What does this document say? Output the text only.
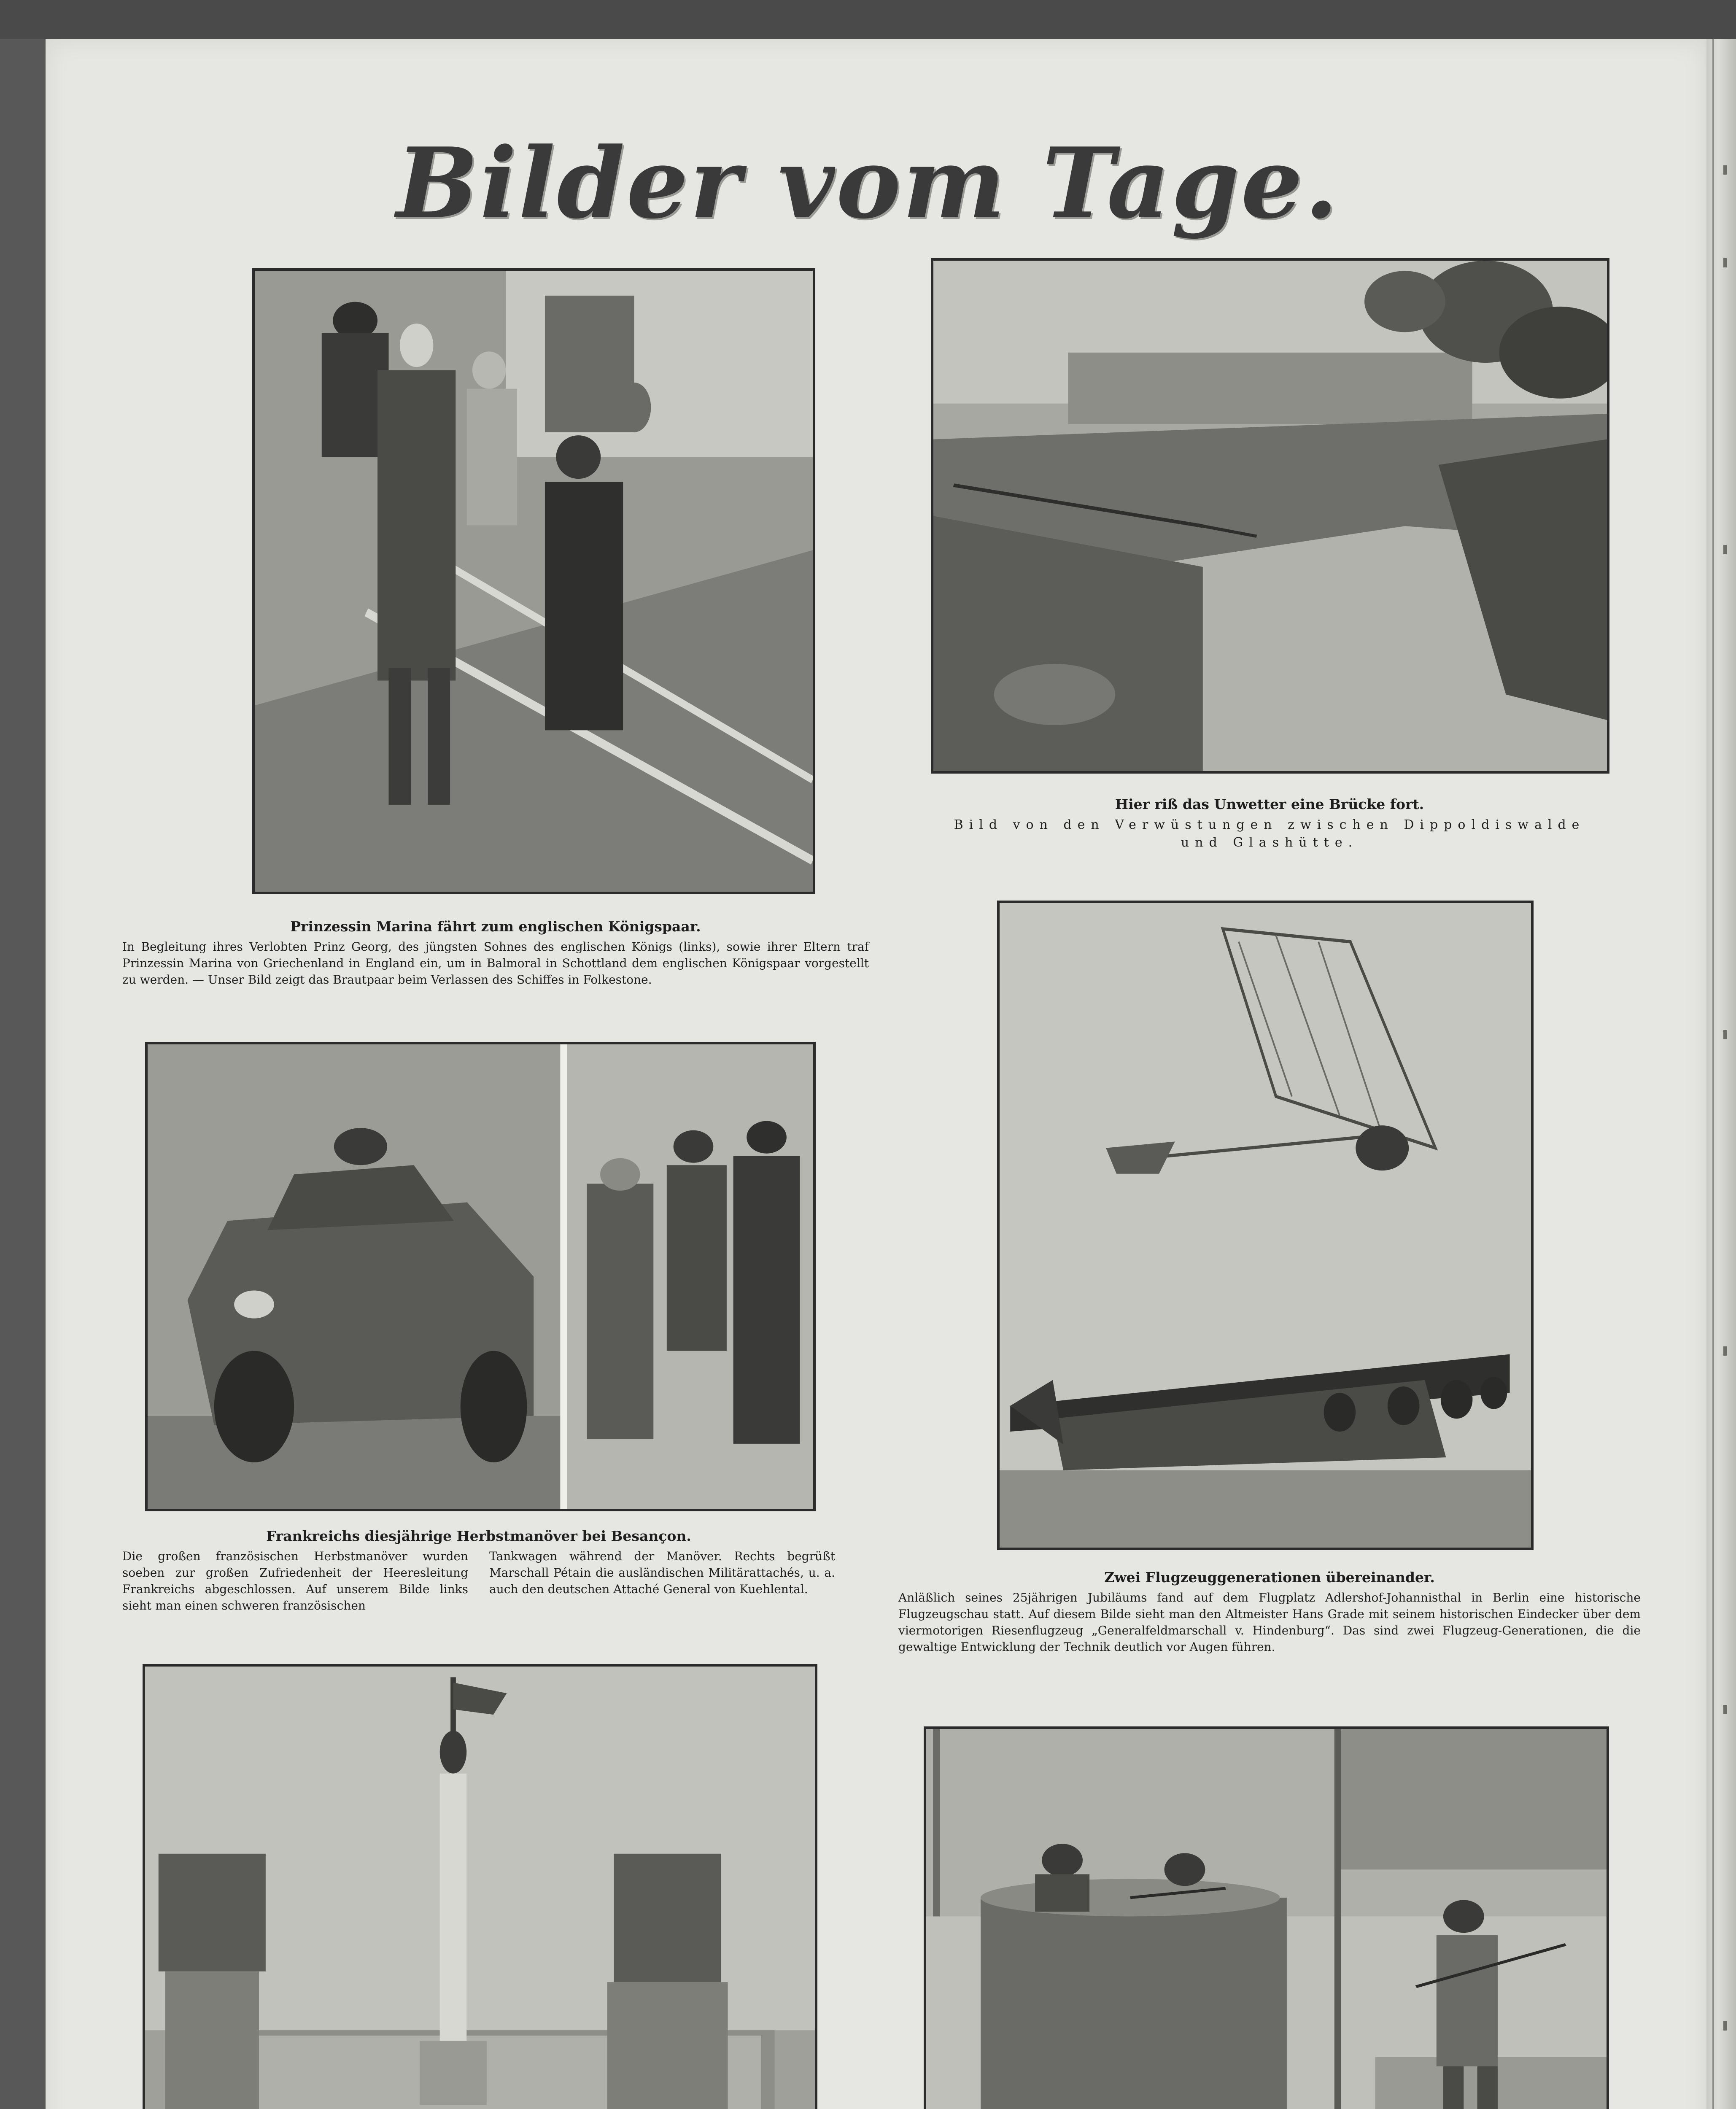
Bilder vom Tage.
Prinzessin Marina fährt zum englischen Königspaar.
In Begleitung ihres Verlobten Prinz Georg, des jüngsten Sohnes des englischen Königs (links), sowie ihrer Eltern traf Prinzessin Marina von Griechenland in England ein, um in Balmoral in Schottland dem englischen Königspaar vorgestellt zu werden. — Unser Bild zeigt das Brautpaar beim Verlassen des Schiffes in Folkestone.
Hier riß das Unwetter eine Brücke fort.
Bild von den Verwüstungen zwischen Dippoldiswalde und Glashütte.
Frankreichs diesjährige Herbstmanöver bei Besançon.
Die großen französischen Herbstmanöver wurden soeben zur großen Zufriedenheit der Heeresleitung Frankreichs abgeschlossen. Auf unserem Bilde links sieht man einen schweren französischen
Tankwagen während der Manöver. Rechts begrüßt Marschall Pétain die ausländischen Militärattachés, u. a. auch den deutschen Attaché General von Kuehlental.
Zwei Flugzeuggenerationen übereinander.
Anläßlich seines 25jährigen Jubiläums fand auf dem Flugplatz Adlershof-Johannisthal in Berlin eine historische Flugzeugschau statt. Auf diesem Bilde sieht man den Altmeister Hans Grade mit seinem historischen Eindecker über dem viermotorigen Riesenflugzeug „Generalfeldmarschall v. Hindenburg“. Das sind zwei Flugzeug-Generationen, die die gewaltige Entwicklung der Technik deutlich vor Augen führen.
